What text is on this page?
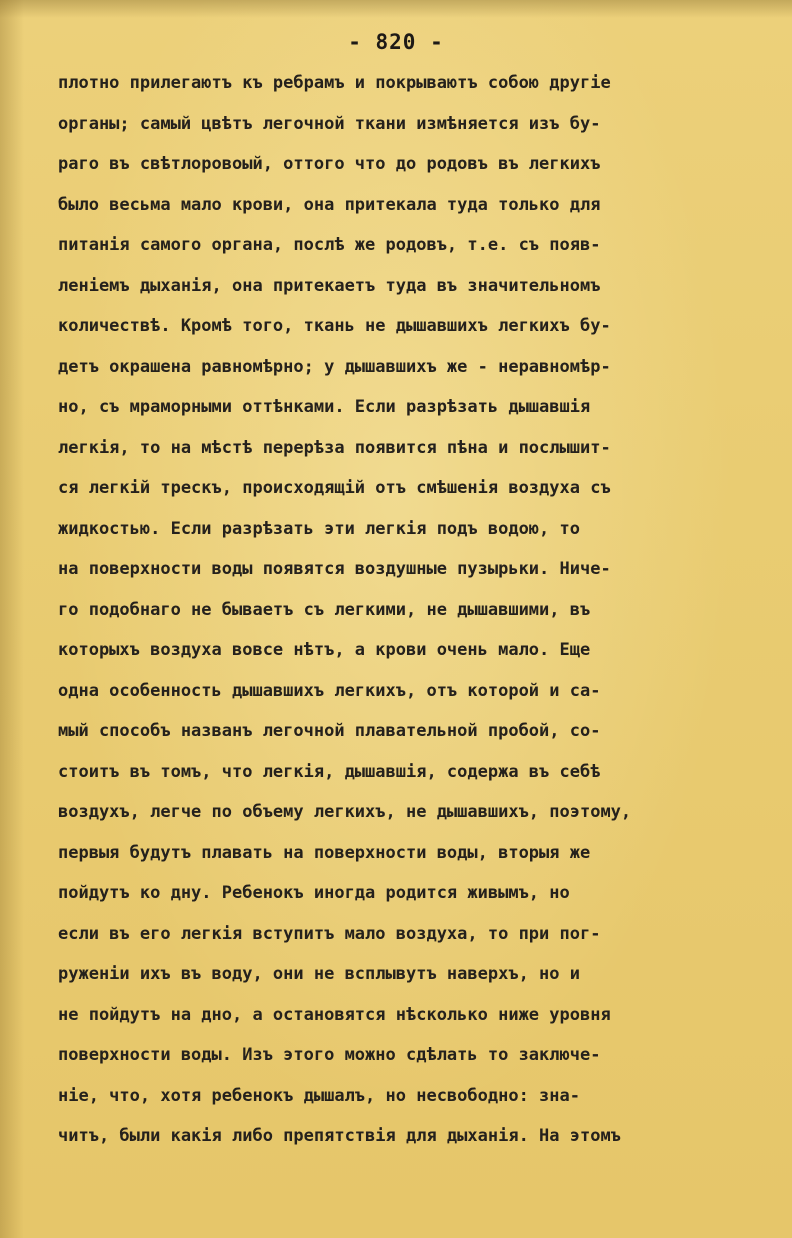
- 820 -
плотно прилегаютъ къ ребрамъ и покрываютъ собою другiе
органы; самый цвѣтъ легочной ткани измѣняется изъ бу-
раго въ свѣтлоровоый, оттого что до родовъ въ легкихъ
было весьма мало крови, она притекала туда только для
питанiя самого органа, послѣ же родовъ, т.е. съ появ-
ленiемъ дыханiя, она притекаетъ туда въ значительномъ
количествѣ. Кромѣ того, ткань не дышавшихъ легкихъ бу-
детъ окрашена равномѣрно; у дышавшихъ же - неравномѣр-
но, съ мраморными оттѣнками. Если разрѣзать дышавшiя
легкiя, то на мѣстѣ перерѣза появится пѣна и послышит-
ся легкiй трескъ, происходящiй отъ смѣшенiя воздуха съ
жидкостью. Если разрѣзать эти легкiя подъ водою, то
на поверхности воды появятся воздушные пузырьки. Ниче-
го подобнаго не бываетъ съ легкими, не дышавшими, въ
которыхъ воздуха вовсе нѣтъ, а крови очень мало. Еще
одна особенность дышавшихъ легкихъ, отъ которой и са-
мый способъ названъ легочной плавательной пробой, со-
стоитъ въ томъ, что легкiя, дышавшiя, содержа въ себѣ
воздухъ, легче по объему легкихъ, не дышавшихъ, поэтому,
первыя будутъ плавать на поверхности воды, вторыя же
пойдутъ ко дну. Ребенокъ иногда родится живымъ, но
если въ его легкiя вступитъ мало воздуха, то при пог-
руженiи ихъ въ воду, они не всплывутъ наверхъ, но и
не пойдутъ на дно, а остановятся нѣсколько ниже уровня
поверхности воды. Изъ этого можно сдѣлать то заключе-
нiе, что, хотя ребенокъ дышалъ, но несвободно: зна-
читъ, были какiя либо препятствiя для дыханiя. На этомъ
